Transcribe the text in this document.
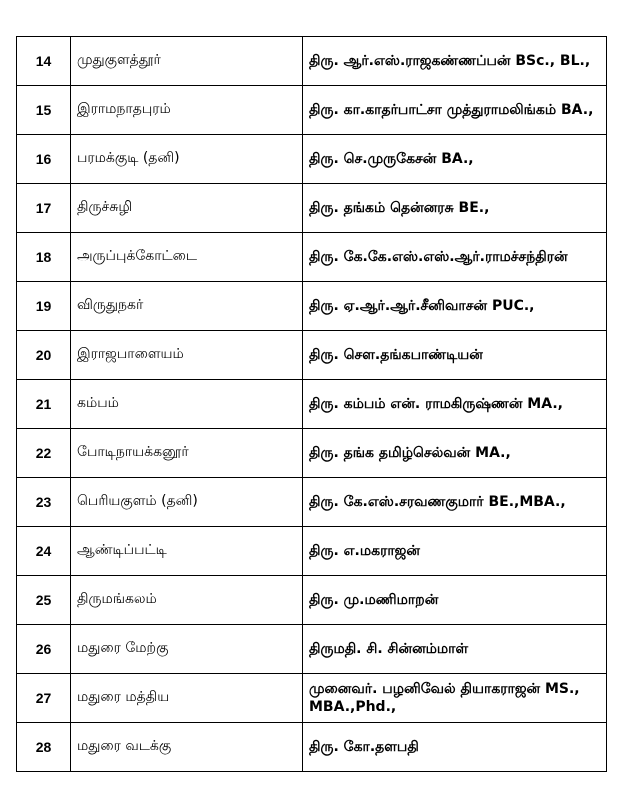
14	முதுகுளத்தூர்	திரு. ஆர்.எஸ்.ராஜகண்ணப்பன் BSc., BL.,
15	இராமநாதபுரம்	திரு. கா.காதர்பாட்சா முத்துராமலிங்கம் BA.,
16	பரமக்குடி (தனி)	திரு. செ.முருகேசன் BA.,
17	திருச்சுழி	திரு. தங்கம் தென்னரசு BE.,
18	அருப்புக்கோட்டை	திரு. கே.கே.எஸ்.எஸ்.ஆர்.ராமச்சந்திரன்
19	விருதுநகர்	திரு. ஏ.ஆர்.ஆர்.சீனிவாசன் PUC.,
20	இராஜபாளையம்	திரு. செள.தங்கபாண்டியன்
21	கம்பம்	திரு. கம்பம் என். ராமகிருஷ்ணன் MA.,
22	போடிநாயக்கனூர்	திரு. தங்க தமிழ்செல்வன் MA.,
23	பெரியகுளம் (தனி)	திரு. கே.எஸ்.சரவணகுமார் BE.,MBA.,
24	ஆண்டிப்பட்டி	திரு. எ.மகராஜன்
25	திருமங்கலம்	திரு. மு.மணிமாறன்
26	மதுரை மேற்கு	திருமதி. சி. சின்னம்மாள்
27	மதுரை மத்திய	முனைவர். பழனிவேல் தியாகராஜன் MS., MBA.,Phd.,
28	மதுரை வடக்கு	திரு. கோ.தளபதி
